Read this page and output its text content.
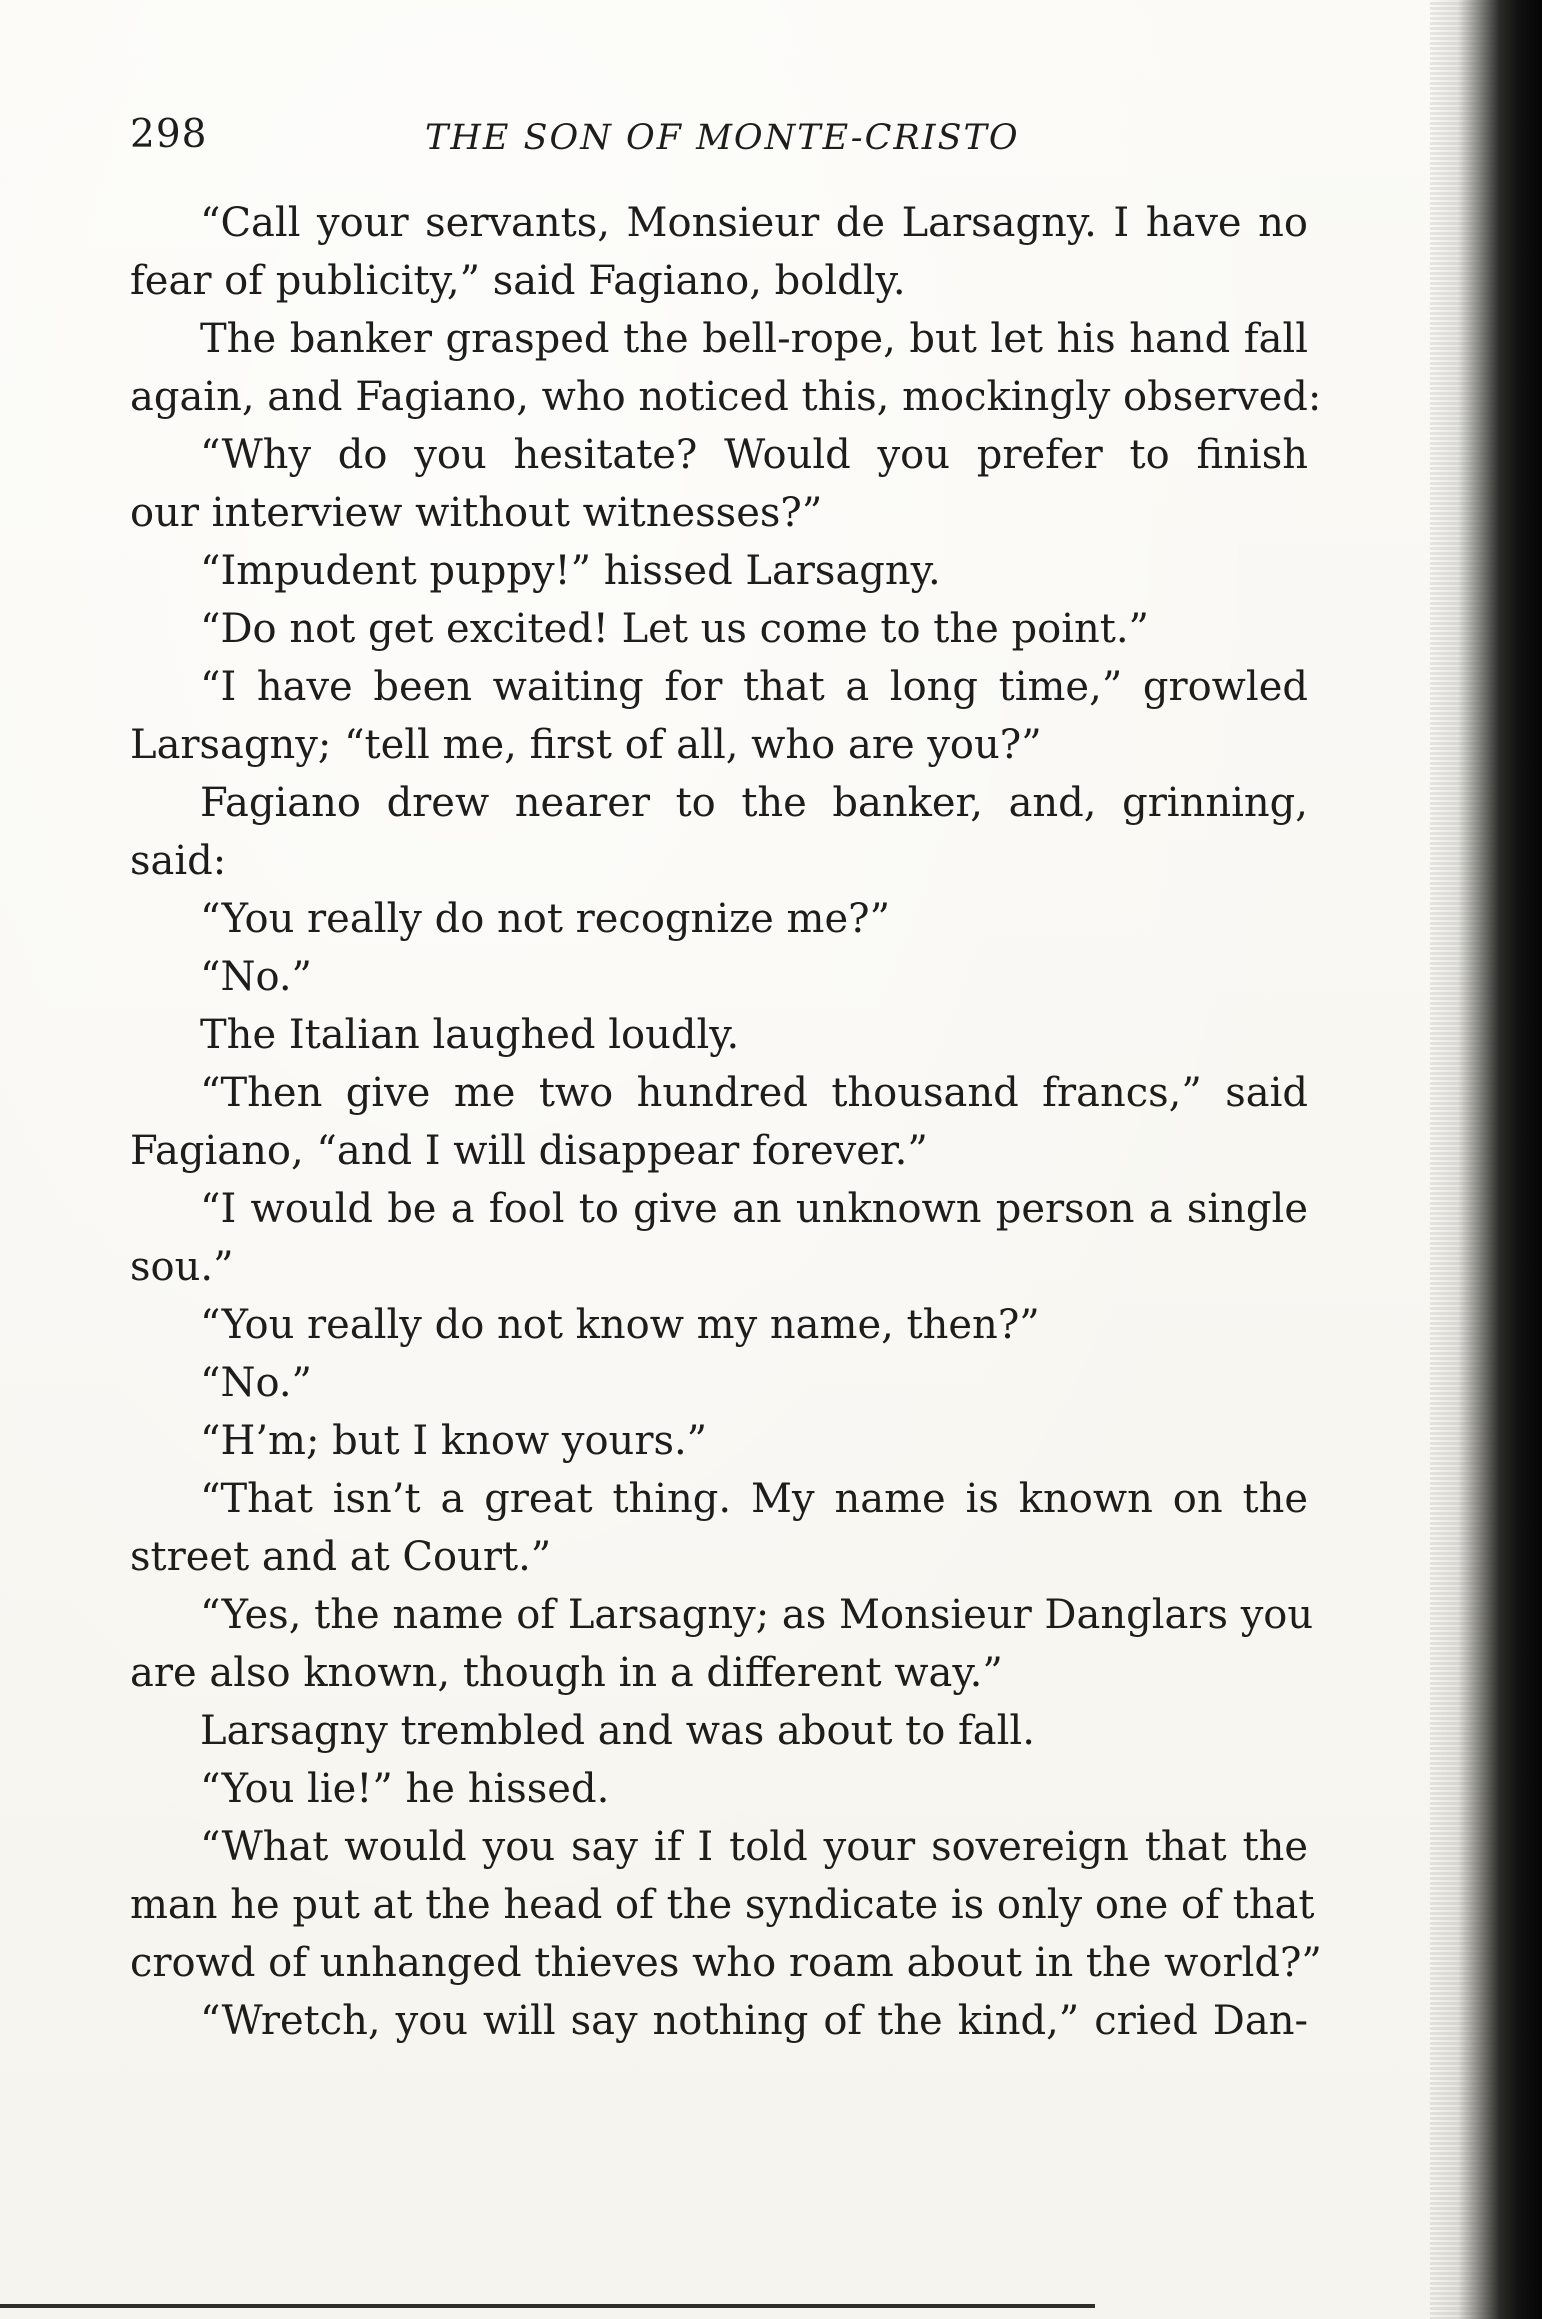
298	THE SON OF MONTE-CRISTO
“Call your servants, Monsieur de Larsagny. I have no
fear of publicity,” said Fagiano, boldly.
The banker grasped the bell-rope, but let his hand fall
again, and Fagiano, who noticed this, mockingly observed:
“Why do you hesitate? Would you prefer to finish
our interview without witnesses?”
“Impudent puppy!” hissed Larsagny.
“Do not get excited! Let us come to the point.”
“I have been waiting for that a long time,” growled
Larsagny; “tell me, first of all, who are you?”
Fagiano drew nearer to the banker, and, grinning,
said:
“You really do not recognize me?”
“No.”
The Italian laughed loudly.
“Then give me two hundred thousand francs,” said
Fagiano, “and I will disappear forever.”
“I would be a fool to give an unknown person a single
sou.”
“You really do not know my name, then?”
“No.”
“H’m; but I know yours.”
“That isn’t a great thing. My name is known on the
street and at Court.”
“Yes, the name of Larsagny; as Monsieur Danglars you
are also known, though in a different way.”
Larsagny trembled and was about to fall.
“You lie!” he hissed.
“What would you say if I told your sovereign that the
man he put at the head of the syndicate is only one of that
crowd of unhanged thieves who roam about in the world?”
“Wretch, you will say nothing of the kind,” cried Dan-
